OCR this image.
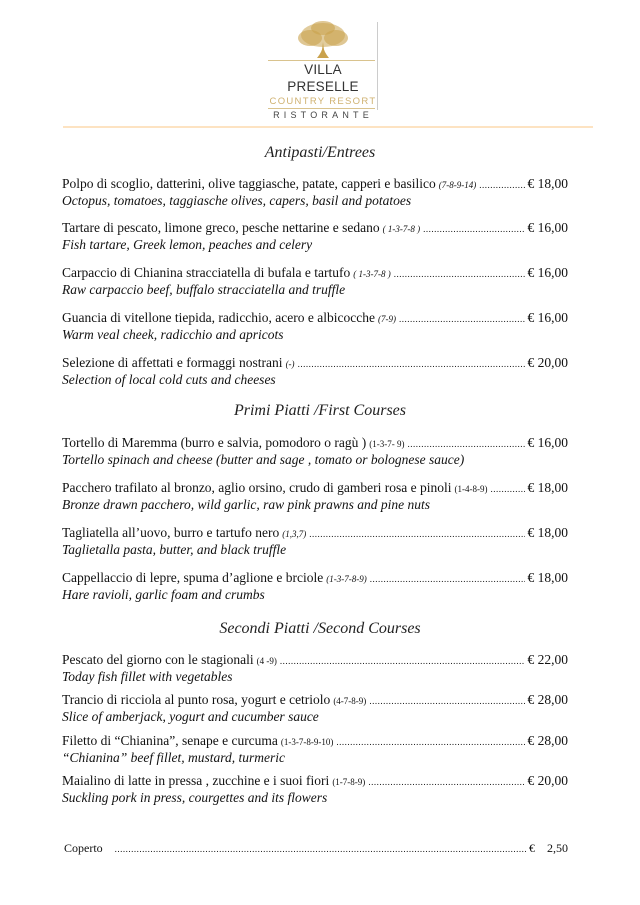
VILLA PRESELLE
COUNTRY RESORT
RISTORANTE
Antipasti/Entrees
Polpo di scoglio, datterini, olive taggiasche, patate, capperi e basilico (7-8-9-14) .....	€ 18,00
Octopus, tomatoes, taggiasche olives, capers, basil and potatoes
Tartare di pescato, limone greco, pesche nettarine e sedano ( 1-3-7-8 ) .....	€ 16,00
Fish tartare, Greek lemon, peaches and celery
Carpaccio di Chianina stracciatella di bufala e tartufo ( 1-3-7-8 ) .....	€ 16,00
Raw carpaccio beef, buffalo stracciatella and truffle
Guancia di vitellone tiepida, radicchio, acero e albicocche (7-9) .....	€ 16,00
Warm veal cheek, radicchio and apricots
Selezione di affettati e formaggi nostrani (-) .....	€ 20,00
Selection of local cold cuts and cheeses
Primi Piatti /First Courses
Tortello di Maremma (burro e salvia, pomodoro o ragù ) (1-3-7- 9) .....	€ 16,00
Tortello spinach and cheese (butter and sage , tomato or bolognese sauce)
Pacchero trafilato al bronzo, aglio orsino, crudo di gamberi rosa e pinoli (1-4-8-9) .....	€ 18,00
Bronze drawn pacchero, wild garlic, raw pink prawns and pine nuts
Tagliatella all’uovo, burro e tartufo nero (1,3,7) .....	€ 18,00
Taglietalla pasta, butter, and black truffle
Cappellaccio di lepre, spuma d’aglione e brciole (1-3-7-8-9) .....	€ 18,00
Hare ravioli, garlic foam and crumbs
Secondi Piatti /Second Courses
Pescato del giorno con le stagionali (4 -9) .....	€ 22,00
Today fish fillet with vegetables
Trancio di ricciola al punto rosa, yogurt e cetriolo (4-7-8-9) .....	€ 28,00
Slice of amberjack, yogurt and cucumber sauce
Filetto di “Chianina”, senape e curcuma (1-3-7-8-9-10) .....	€ 28,00
“Chianina” beef fillet, mustard, turmeric
Maialino di latte in pressa , zucchine e i suoi fiori (1-7-8-9) .....	€ 20,00
Suckling pork in press, courgettes and its flowers
Coperto .....	€    2,50
